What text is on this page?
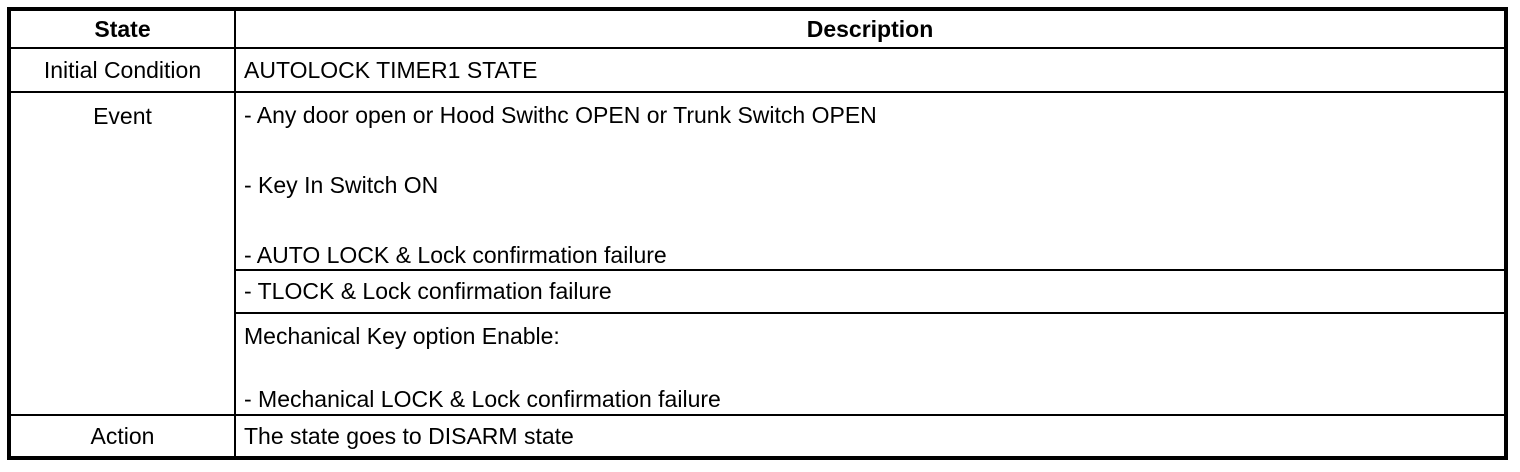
State	Description
Initial Condition	AUTOLOCK TIMER1 STATE
Event	- Any door open or Hood Swithc OPEN or Trunk Switch OPEN
- Key In Switch ON
- AUTO LOCK & Lock confirmation failure

	- TLOCK & Lock confirmation failure

	Mechanical Key option Enable:
- Mechanical LOCK & Lock confirmation failure

Action	The state goes to DISARM state
